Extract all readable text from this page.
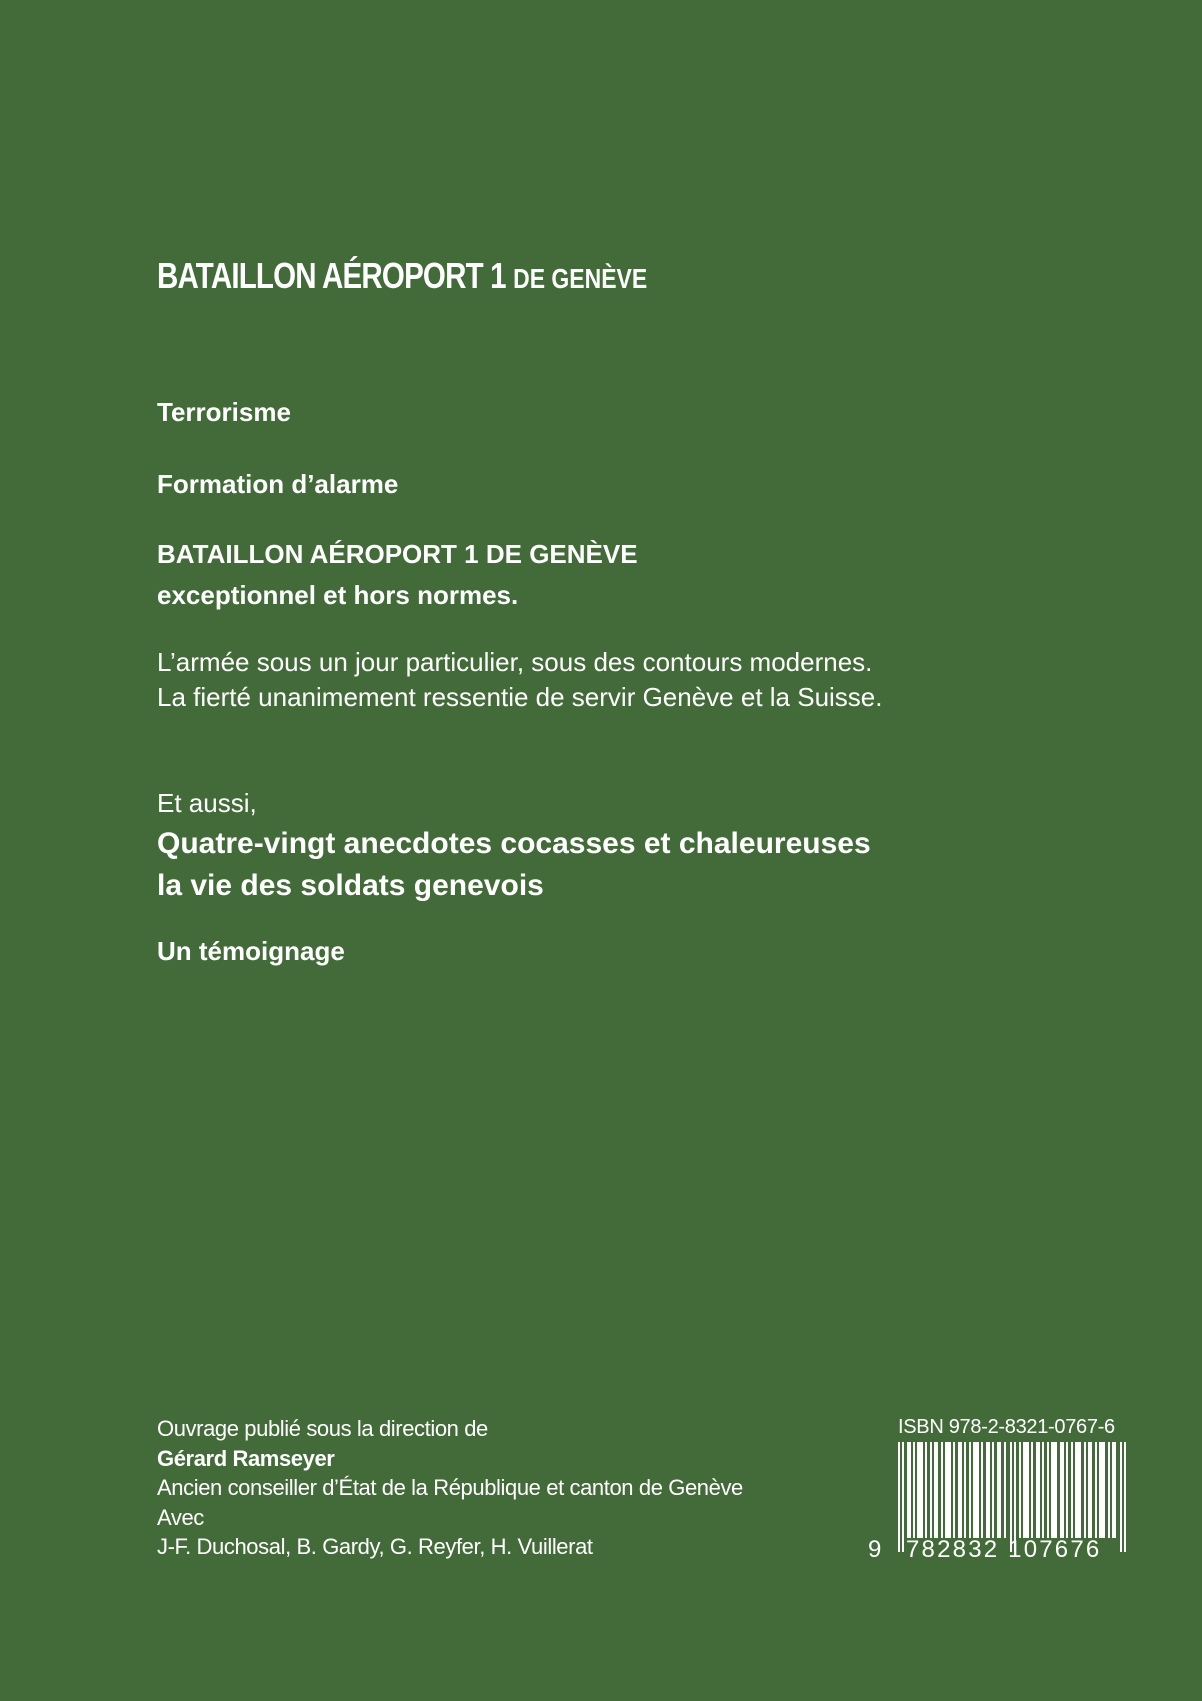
BATAILLON AÉROPORT 1 DE GENÈVE
Terrorisme
Formation d’alarme
BATAILLON AÉROPORT 1 DE GENÈVE
exceptionnel et hors normes.
L’armée sous un jour particulier, sous des contours modernes.
La fierté unanimement ressentie de servir Genève et la Suisse.
Et aussi,
Quatre-vingt anecdotes cocasses et chaleureuses
la vie des soldats genevois
Un témoignage
Ouvrage publié sous la direction de
Gérard Ramseyer
Ancien conseiller d’État de la République et canton de Genève
Avec
J-F. Duchosal, B. Gardy, G. Reyfer, H. Vuillerat
ISBN 978-2-8321-0767-6
9 782832 107676
